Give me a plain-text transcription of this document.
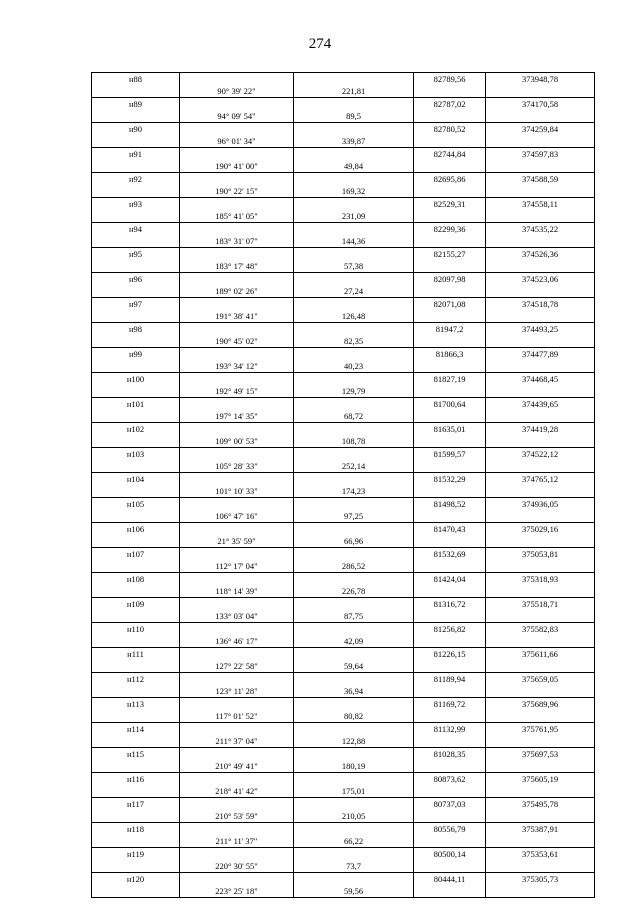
274
н88			82789,56	373948,78
	90° 39' 22"	221,81		
н89			82787,02	374170,58
	94° 09' 54"	89,5		
н90			82780,52	374259,84
	96° 01' 34"	339,87		
н91			82744,84	374597,83
	190° 41' 00"	49,84		
н92			82695,86	374588,59
	190° 22' 15"	169,32		
н93			82529,31	374558,11
	185° 41' 05"	231,09		
н94			82299,36	374535,22
	183° 31' 07"	144,36		
н95			82155,27	374526,36
	183° 17' 48"	57,38		
н96			82097,98	374523,06
	189° 02' 26"	27,24		
н97			82071,08	374518,78
	191° 38' 41"	126,48		
н98			81947,2	374493,25
	190° 45' 02"	82,35		
н99			81866,3	374477,89
	193° 34' 12"	40,23		
н100			81827,19	374468,45
	192° 49' 15"	129,79		
н101			81700,64	374439,65
	197° 14' 35"	68,72		
н102			81635,01	374419,28
	109° 00' 53"	108,78		
н103			81599,57	374522,12
	105° 28' 33"	252,14		
н104			81532,29	374765,12
	101° 10' 33"	174,23		
н105			81498,52	374936,05
	106° 47' 16"	97,25		
н106			81470,43	375029,16
	21° 35' 59"	66,96		
н107			81532,69	375053,81
	112° 17' 04"	286,52		
н108			81424,04	375318,93
	118° 14' 39"	226,78		
н109			81316,72	375518,71
	133° 03' 04"	87,75		
н110			81256,82	375582,83
	136° 46' 17"	42,09		
н111			81226,15	375611,66
	127° 22' 58"	59,64		
н112			81189,94	375659,05
	123° 11' 28"	36,94		
н113			81169,72	375689,96
	117° 01' 52"	80,82		
н114			81132,99	375761,95
	211° 37' 04"	122,88		
н115			81028,35	375697,53
	210° 49' 41"	180,19		
н116			80873,62	375605,19
	218° 41' 42"	175,01		
н117			80737,03	375495,78
	210° 53' 59"	210,05		
н118			80556,79	375387,91
	211° 11' 37"	66,22		
н119			80500,14	375353,61
	220° 30' 55"	73,7		
н120			80444,11	375305,73
	223° 25' 18"	59,56		
